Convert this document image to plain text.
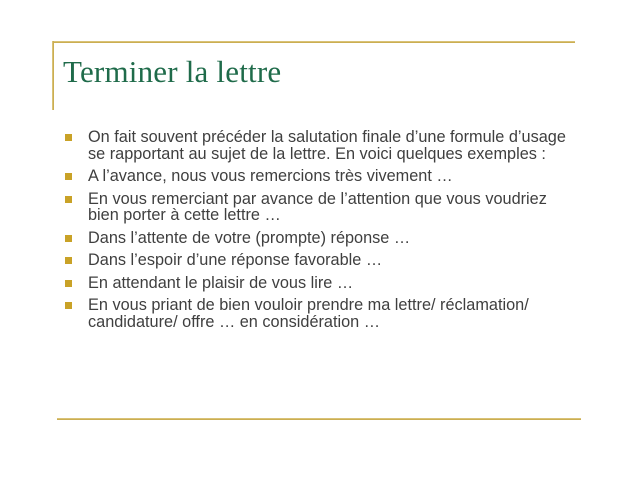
Terminer la lettre
On fait souvent précéder la salutation finale d’une formule d’usage se rapportant au sujet de la lettre. En voici quelques exemples :
A l’avance, nous vous remercions très vivement …
En vous remerciant par avance de l’attention que vous voudriez bien porter à cette lettre …
Dans l’attente de votre (prompte) réponse …
Dans l’espoir d’une réponse favorable …
En attendant le plaisir de vous lire …
En vous priant de bien vouloir prendre ma lettre/ réclamation/ candidature/ offre … en considération …
